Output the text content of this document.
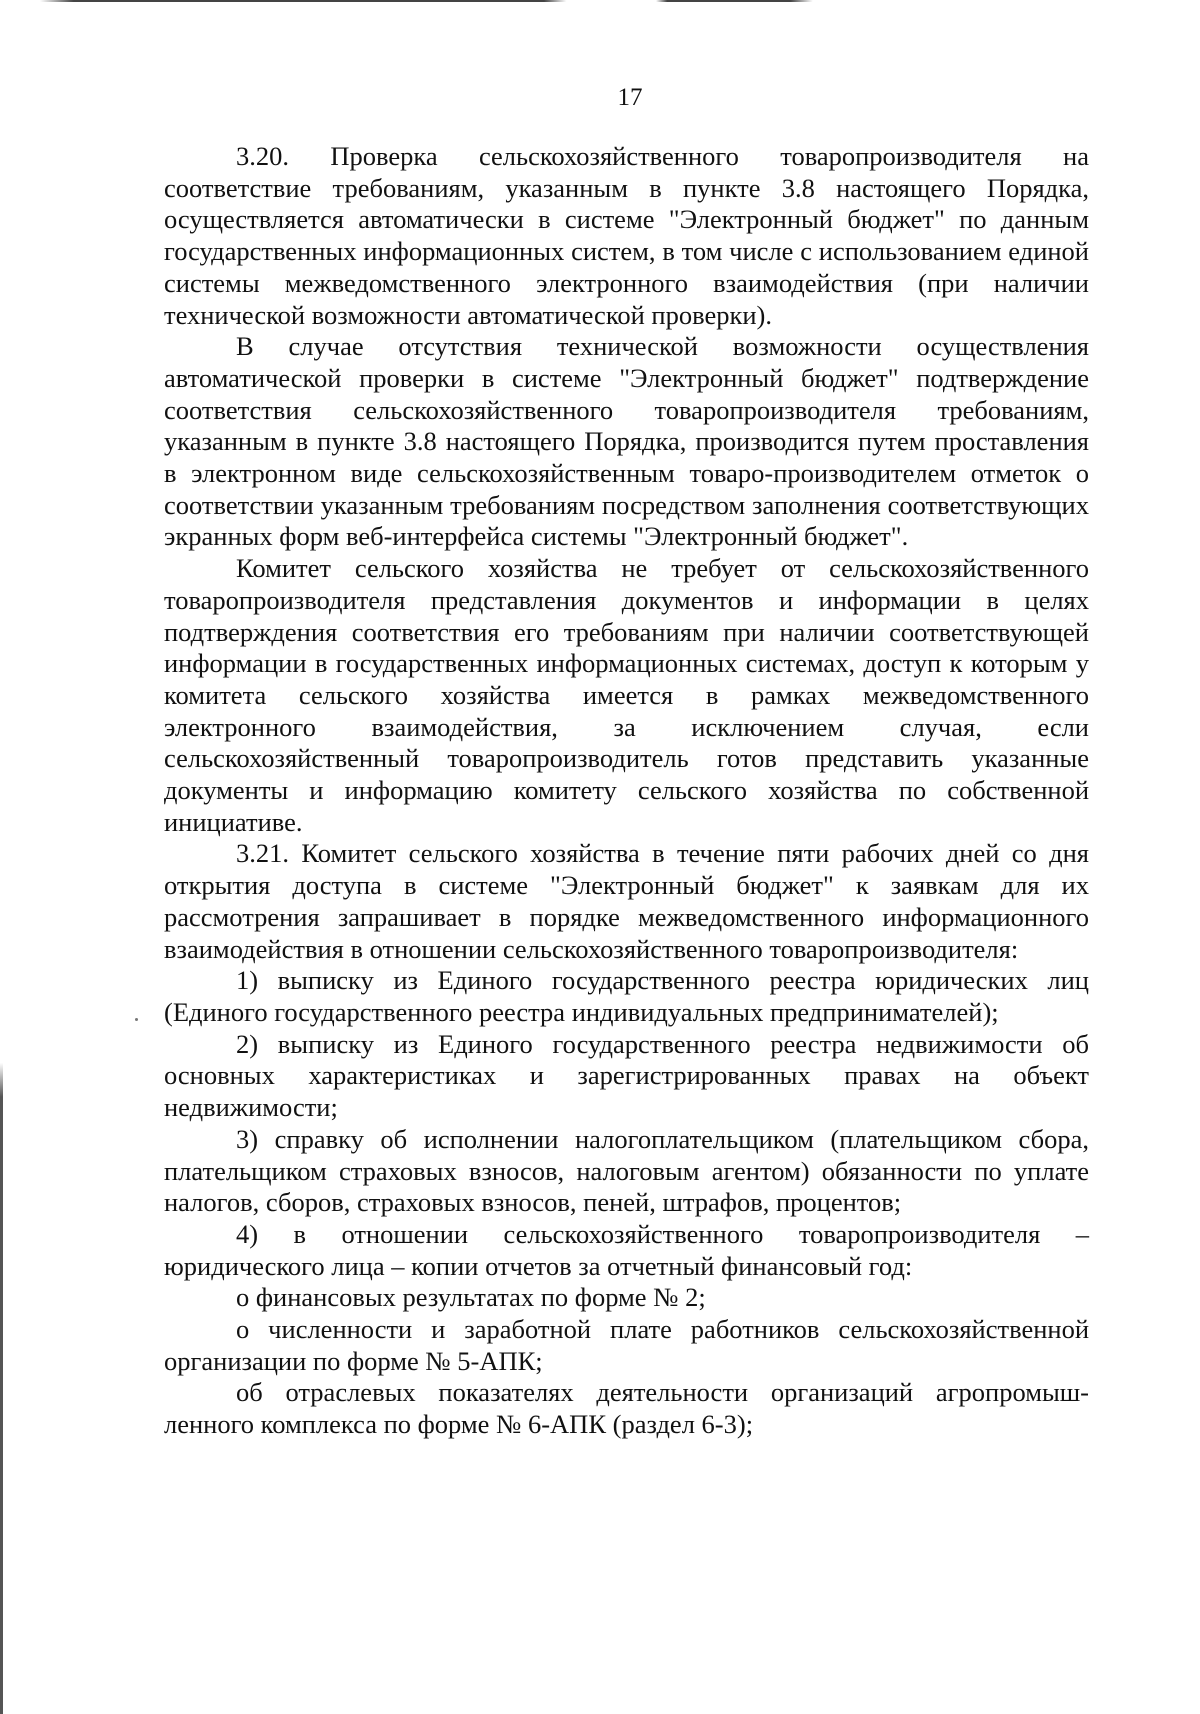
17

3.20. Проверка сельскохозяйственного товаропроизводителя на соответствие требованиям, указанным в пункте 3.8 настоящего Порядка, осуществляется автоматически в системе "Электронный бюджет" по данным государственных информационных систем, в том числе с использованием единой системы межведомственного электронного взаимодействия (при наличии технической возможности автоматической проверки).

В случае отсутствия технической возможности осуществления автоматической проверки в системе "Электронный бюджет" подтверждение соответствия сельскохозяйственного товаропроизводителя требованиям, указанным в пункте 3.8 настоящего Порядка, производится путем проставления в электронном виде сельскохозяйственным товаро-производителем отметок о соответствии указанным требованиям посредством заполнения соответствующих экранных форм веб-интерфейса системы "Электронный бюджет".

Комитет сельского хозяйства не требует от сельскохозяйственного товаропроизводителя представления документов и информации в целях подтверждения соответствия его требованиям при наличии соответствующей информации в государственных информационных системах, доступ к которым у комитета сельского хозяйства имеется в рамках межведомственного электронного взаимодействия, за исключением случая, если сельскохозяйственный товаропроизводитель готов представить указанные документы и информацию комитету сельского хозяйства по собственной инициативе.

3.21. Комитет сельского хозяйства в течение пяти рабочих дней со дня открытия доступа в системе "Электронный бюджет" к заявкам для их рассмотрения запрашивает в порядке межведомственного информационного взаимодействия в отношении сельскохозяйственного товаропроизводителя:

1) выписку из Единого государственного реестра юридических лиц (Единого государственного реестра индивидуальных предпринимателей);

2) выписку из Единого государственного реестра недвижимости об основных характеристиках и зарегистрированных правах на объект недвижимости;

3) справку об исполнении налогоплательщиком (плательщиком сбора, плательщиком страховых взносов, налоговым агентом) обязанности по уплате налогов, сборов, страховых взносов, пеней, штрафов, процентов;

4) в отношении сельскохозяйственного товаропроизводителя – юридического лица – копии отчетов за отчетный финансовый год:

о финансовых результатах по форме № 2;

о численности и заработной плате работников сельскохозяйственной организации по форме № 5-АПК;

об отраслевых показателях деятельности организаций агропромыш-ленного комплекса по форме № 6-АПК (раздел 6-3);
